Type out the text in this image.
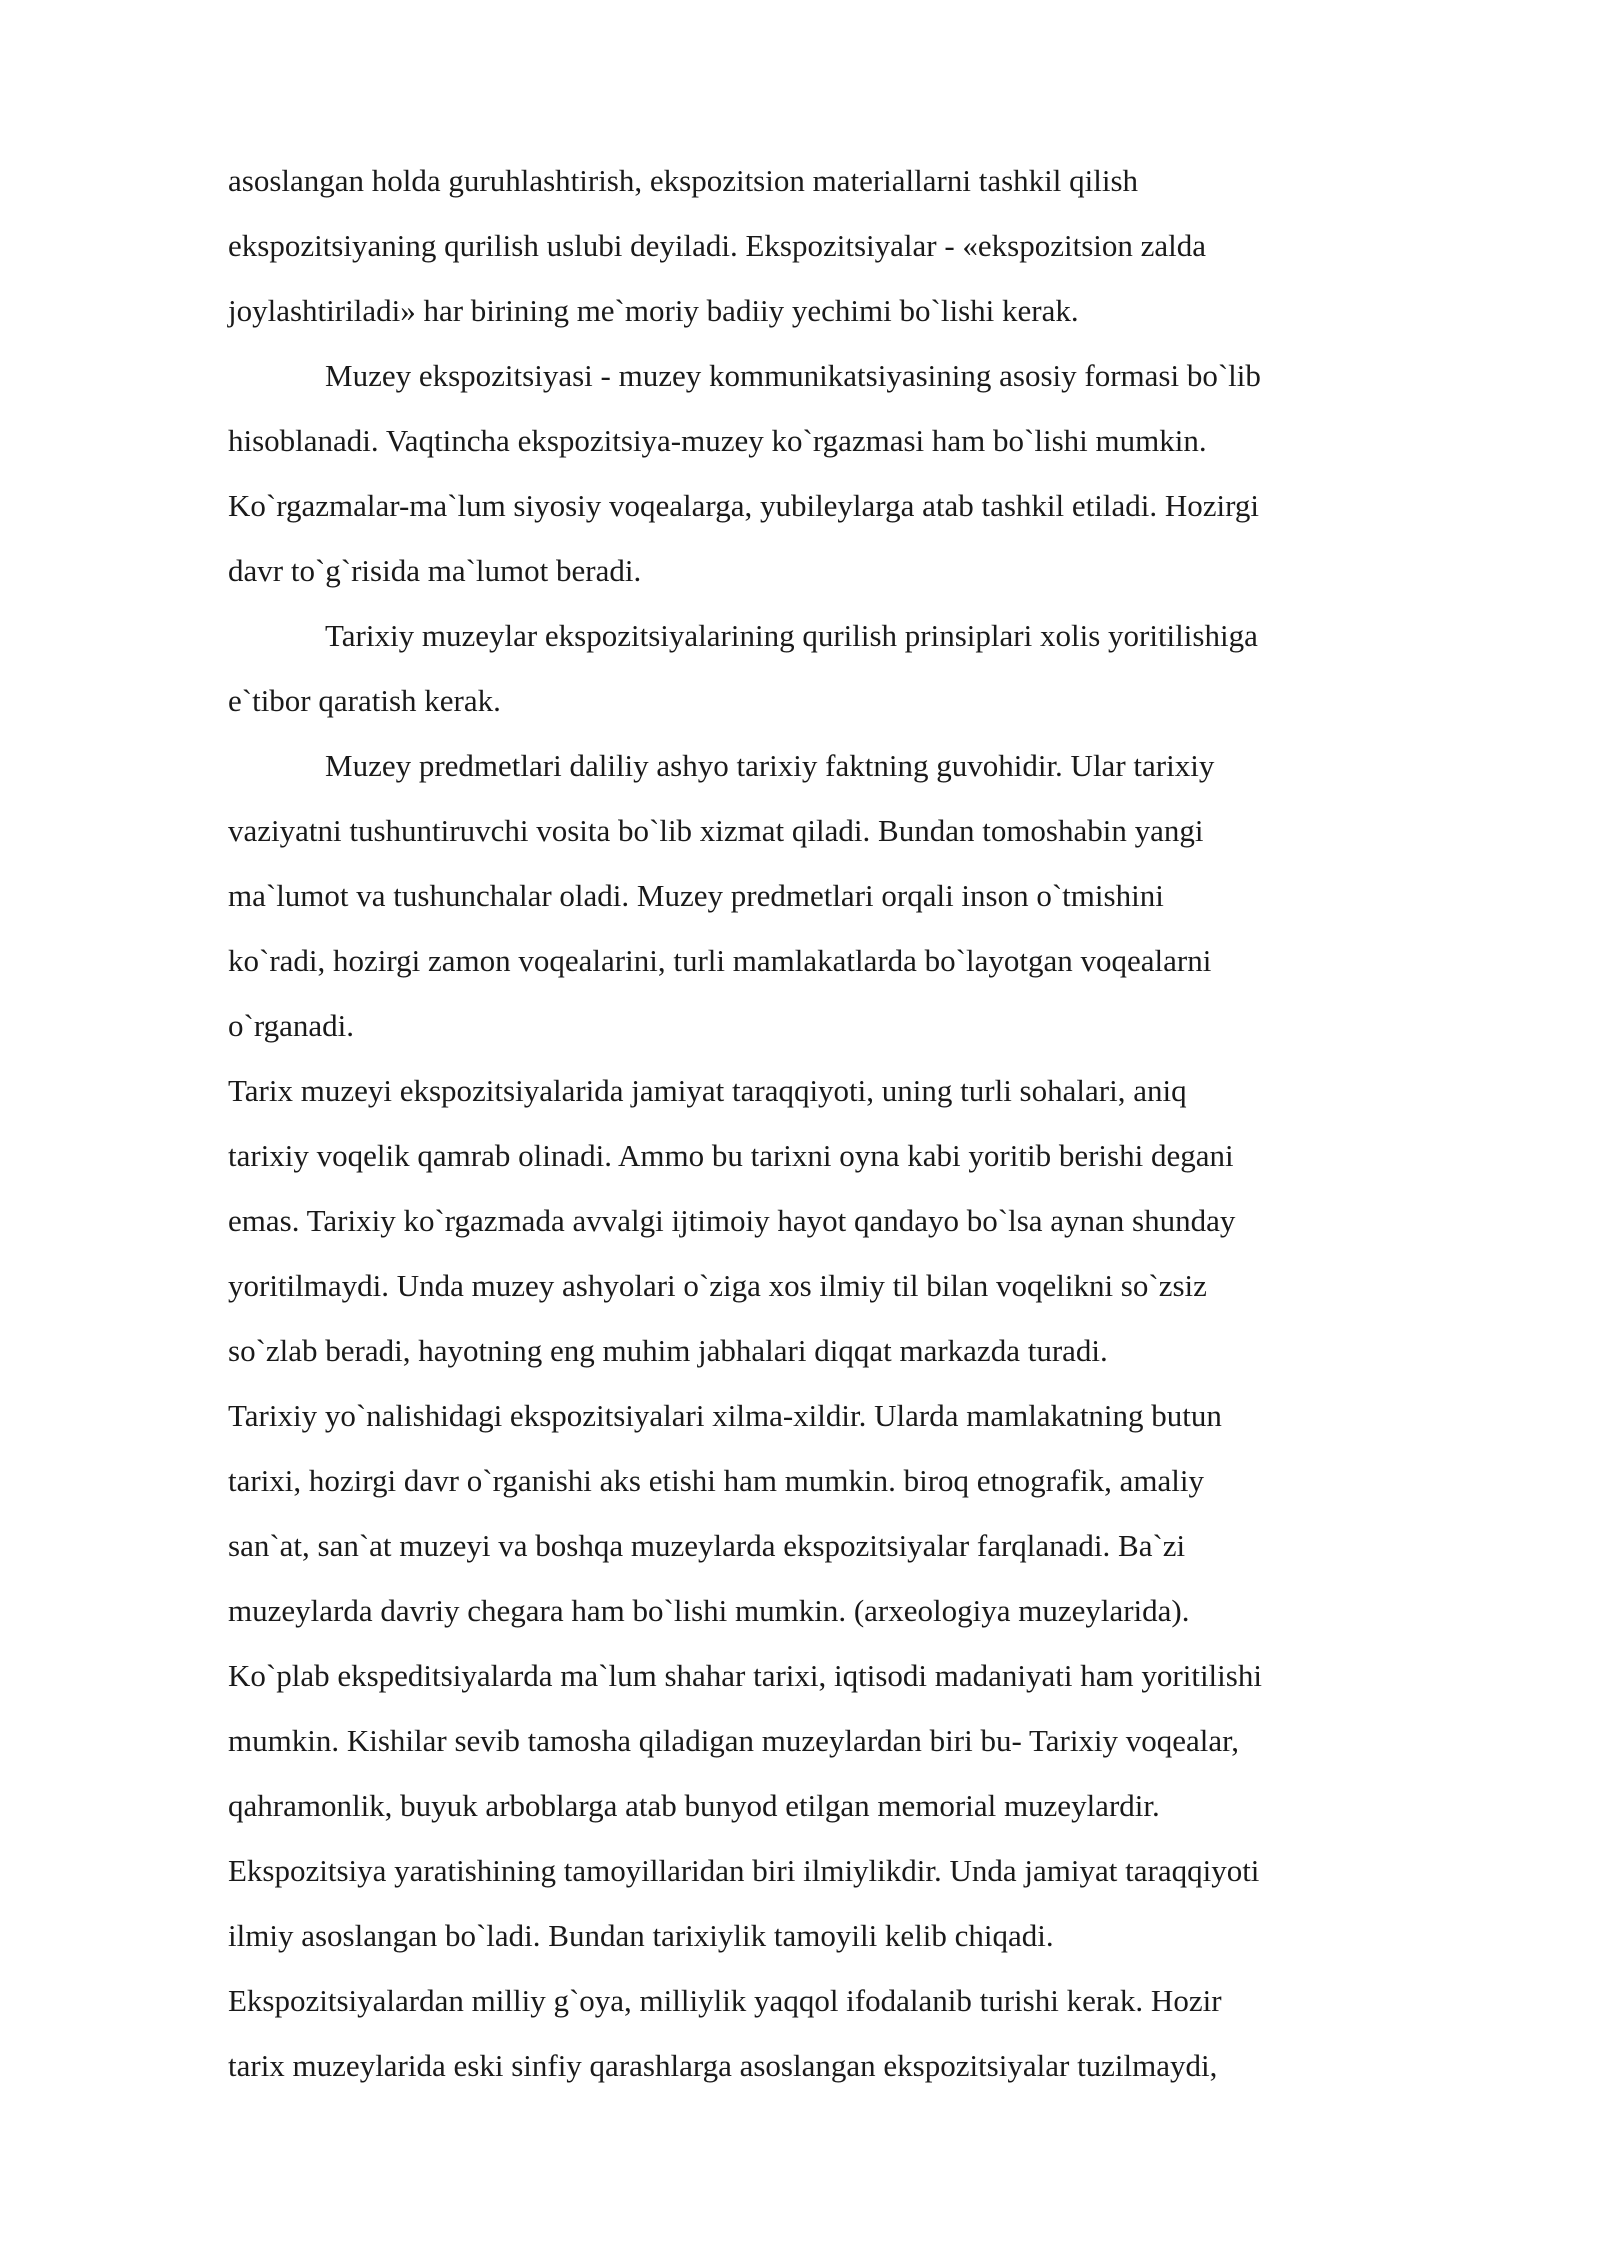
asoslangan holda guruhlashtirish, ekspozitsion materiallarni tashkil qilish
ekspozitsiyaning qurilish uslubi deyiladi. Ekspozitsiyalar - «ekspozitsion zalda
joylashtiriladi» har birining me`moriy badiiy yechimi bo`lishi kerak.
Muzey ekspozitsiyasi - muzey kommunikatsiyasining asosiy formasi bo`lib
hisoblanadi. Vaqtincha ekspozitsiya-muzey ko`rgazmasi ham bo`lishi mumkin.
Ko`rgazmalar-ma`lum siyosiy voqealarga, yubileylarga atab tashkil etiladi. Hozirgi
davr to`g`risida ma`lumot beradi.
Tarixiy muzeylar ekspozitsiyalarining qurilish prinsiplari xolis yoritilishiga
e`tibor qaratish kerak.
Muzey predmetlari daliliy ashyo tarixiy faktning guvohidir. Ular tarixiy
vaziyatni tushuntiruvchi vosita bo`lib xizmat qiladi. Bundan tomoshabin yangi
ma`lumot va tushunchalar oladi. Muzey predmetlari orqali inson o`tmishini
ko`radi, hozirgi zamon voqealarini, turli mamlakatlarda bo`layotgan voqealarni
o`rganadi.
Tarix muzeyi ekspozitsiyalarida jamiyat taraqqiyoti, uning turli sohalari, aniq
tarixiy voqelik qamrab olinadi. Ammo bu tarixni oyna kabi yoritib berishi degani
emas. Tarixiy ko`rgazmada avvalgi ijtimoiy hayot qandayo bo`lsa aynan shunday
yoritilmaydi. Unda muzey ashyolari o`ziga xos ilmiy til bilan voqelikni so`zsiz
so`zlab beradi, hayotning eng muhim jabhalari diqqat markazda turadi.
Tarixiy yo`nalishidagi ekspozitsiyalari xilma-xildir. Ularda mamlakatning butun
tarixi, hozirgi davr o`rganishi aks etishi ham mumkin. biroq etnografik, amaliy
san`at, san`at muzeyi va boshqa muzeylarda ekspozitsiyalar farqlanadi. Ba`zi
muzeylarda davriy chegara ham bo`lishi mumkin. (arxeologiya muzeylarida).
Ko`plab ekspeditsiyalarda ma`lum shahar tarixi, iqtisodi madaniyati ham yoritilishi
mumkin. Kishilar sevib tamosha qiladigan muzeylardan biri bu- Tarixiy voqealar,
qahramonlik, buyuk arboblarga atab bunyod etilgan memorial muzeylardir.
Ekspozitsiya yaratishining tamoyillaridan biri ilmiylikdir. Unda jamiyat taraqqiyoti
ilmiy asoslangan bo`ladi. Bundan tarixiylik tamoyili kelib chiqadi.
Ekspozitsiyalardan milliy g`oya, milliylik yaqqol ifodalanib turishi kerak. Hozir
tarix muzeylarida eski sinfiy qarashlarga asoslangan ekspozitsiyalar tuzilmaydi,
